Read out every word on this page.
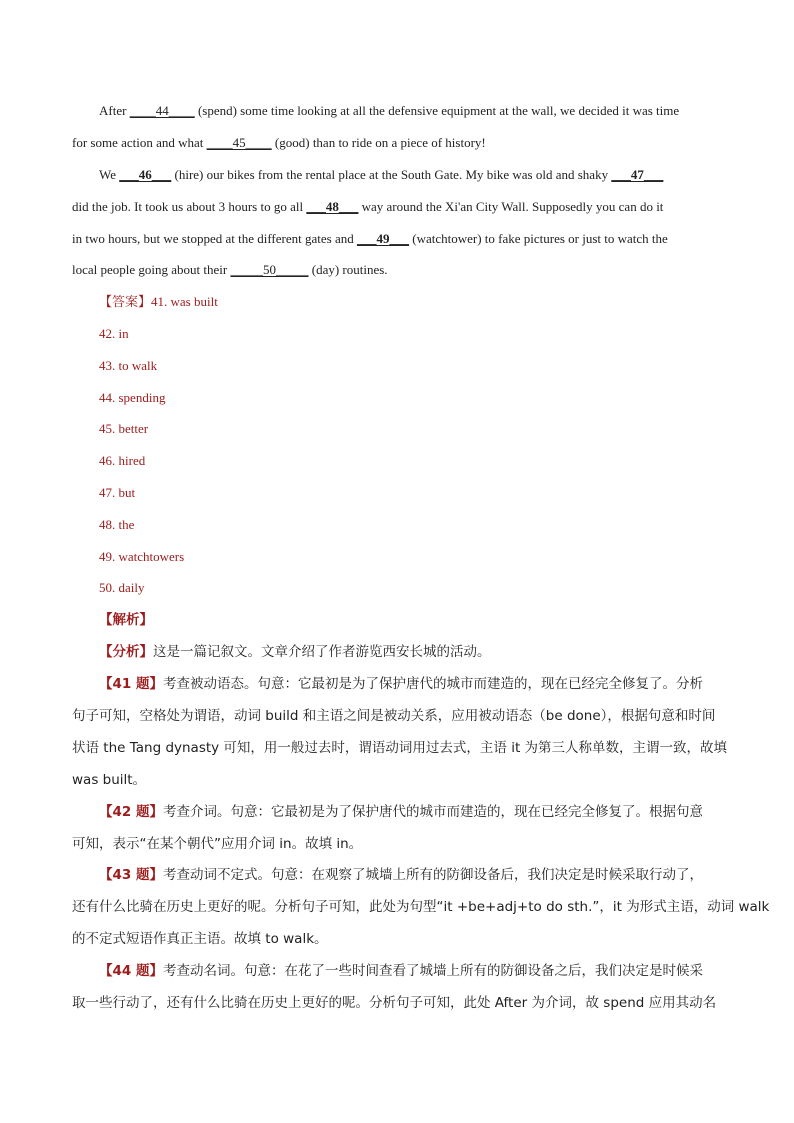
After ____44____ (spend) some time looking at all the defensive equipment at the wall, we decided it was time
for some action and what ____45____ (good) than to ride on a piece of history!
We ___46___ (hire) our bikes from the rental place at the South Gate. My bike was old and shaky ___47___
did the job. It took us about 3 hours to go all ___48___ way around the Xi'an City Wall. Supposedly you can do it
in two hours, but we stopped at the different gates and ___49___ (watchtower) to fake pictures or just to watch the
local people going about their _____50_____ (day) routines.
【答案】41. was built
42. in
43. to walk
44. spending
45. better
46. hired
47. but
48. the
49. watchtowers
50. daily
【解析】
【分析】这是一篇记叙文。文章介绍了作者游览西安长城的活动。
【41 题】考查被动语态。句意：它最初是为了保护唐代的城市而建造的，现在已经完全修复了。分析
句子可知，空格处为谓语，动词 build 和主语之间是被动关系，应用被动语态（be done），根据句意和时间
状语 the Tang dynasty 可知，用一般过去时，谓语动词用过去式，主语 it 为第三人称单数，主谓一致，故填
was built。
【42 题】考查介词。句意：它最初是为了保护唐代的城市而建造的，现在已经完全修复了。根据句意
可知，表示“在某个朝代”应用介词 in。故填 in。
【43 题】考查动词不定式。句意：在观察了城墙上所有的防御设备后，我们决定是时候采取行动了，
还有什么比骑在历史上更好的呢。分析句子可知，此处为句型“it +be+adj+to do sth.”，it 为形式主语，动词 walk
的不定式短语作真正主语。故填 to walk。
【44 题】考查动名词。句意：在花了一些时间查看了城墙上所有的防御设备之后，我们决定是时候采
取一些行动了，还有什么比骑在历史上更好的呢。分析句子可知，此处 After 为介词，故 spend 应用其动名
